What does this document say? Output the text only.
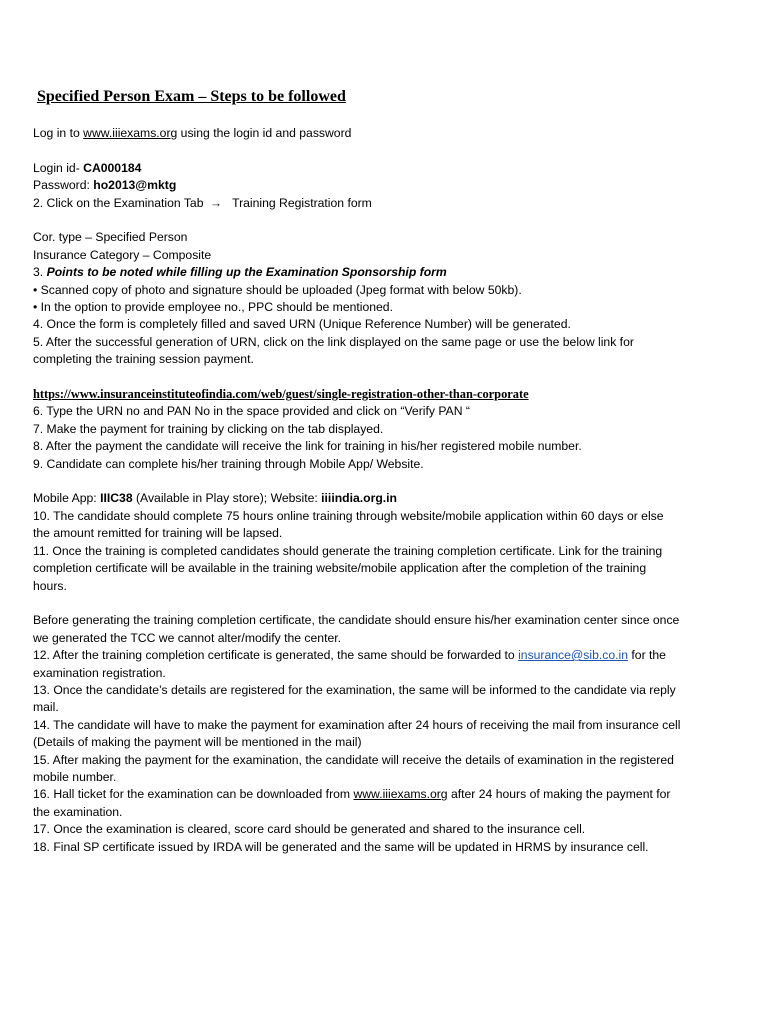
Specified Person Exam – Steps to be followed
Log in to www.iiiexams.org using the login id and password
Login id- CA000184
Password: ho2013@mktg
2. Click on the Examination Tab → Training Registration form
Cor. type – Specified Person
Insurance Category – Composite
3. Points to be noted while filling up the Examination Sponsorship form
• Scanned copy of photo and signature should be uploaded (Jpeg format with below 50kb).
• In the option to provide employee no., PPC should be mentioned.
4. Once the form is completely filled and saved URN (Unique Reference Number) will be generated.
5. After the successful generation of URN, click on the link displayed on the same page or use the below link for
completing the training session payment.
https://www.insuranceinstituteofindia.com/web/guest/single-registration-other-than-corporate
6. Type the URN no and PAN No in the space provided and click on “Verify PAN “
7. Make the payment for training by clicking on the tab displayed.
8. After the payment the candidate will receive the link for training in his/her registered mobile number.
9. Candidate can complete his/her training through Mobile App/ Website.
Mobile App: IIIC38 (Available in Play store); Website: iiiindia.org.in
10. The candidate should complete 75 hours online training through website/mobile application within 60 days or else
the amount remitted for training will be lapsed.
11. Once the training is completed candidates should generate the training completion certificate. Link for the training
completion certificate will be available in the training website/mobile application after the completion of the training
hours.
Before generating the training completion certificate, the candidate should ensure his/her examination center since once
we generated the TCC we cannot alter/modify the center.
12. After the training completion certificate is generated, the same should be forwarded to insurance@sib.co.in for the
examination registration.
13. Once the candidate’s details are registered for the examination, the same will be informed to the candidate via reply
mail.
14. The candidate will have to make the payment for examination after 24 hours of receiving the mail from insurance cell
(Details of making the payment will be mentioned in the mail)
15. After making the payment for the examination, the candidate will receive the details of examination in the registered
mobile number.
16. Hall ticket for the examination can be downloaded from www.iiiexams.org after 24 hours of making the payment for
the examination.
17. Once the examination is cleared, score card should be generated and shared to the insurance cell.
18. Final SP certificate issued by IRDA will be generated and the same will be updated in HRMS by insurance cell.
